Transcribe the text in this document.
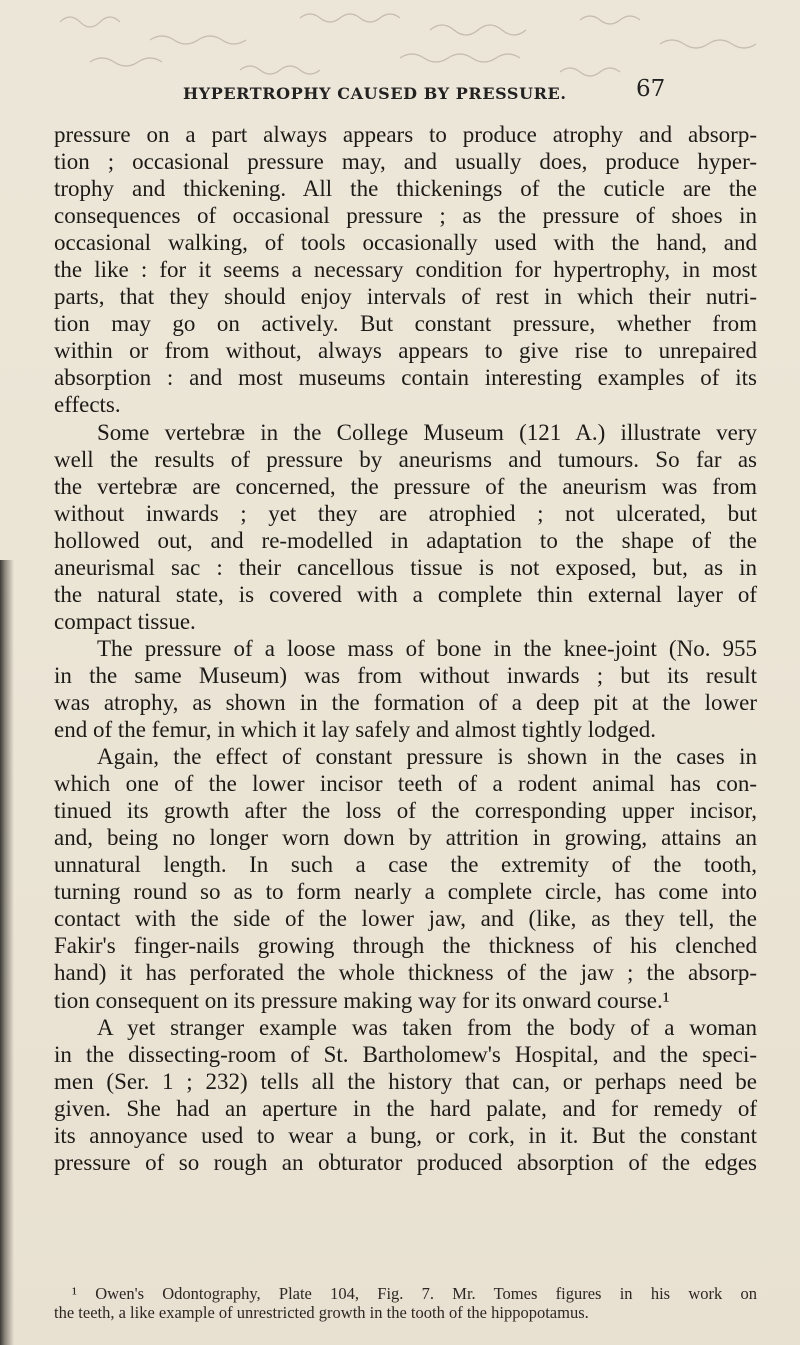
HYPERTROPHY CAUSED BY PRESSURE.	67
pressure on a part always appears to produce atrophy and absorp-
tion ; occasional pressure may, and usually does, produce hyper-
trophy and thickening. All the thickenings of the cuticle are the
consequences of occasional pressure ; as the pressure of shoes in
occasional walking, of tools occasionally used with the hand, and
the like : for it seems a necessary condition for hypertrophy, in most
parts, that they should enjoy intervals of rest in which their nutri-
tion may go on actively. But constant pressure, whether from
within or from without, always appears to give rise to unrepaired
absorption : and most museums contain interesting examples of its
effects.
Some vertebræ in the College Museum (121 A.) illustrate very
well the results of pressure by aneurisms and tumours. So far as
the vertebræ are concerned, the pressure of the aneurism was from
without inwards ; yet they are atrophied ; not ulcerated, but
hollowed out, and re-modelled in adaptation to the shape of the
aneurismal sac : their cancellous tissue is not exposed, but, as in
the natural state, is covered with a complete thin external layer of
compact tissue.
The pressure of a loose mass of bone in the knee-joint (No. 955
in the same Museum) was from without inwards ; but its result
was atrophy, as shown in the formation of a deep pit at the lower
end of the femur, in which it lay safely and almost tightly lodged.
Again, the effect of constant pressure is shown in the cases in
which one of the lower incisor teeth of a rodent animal has con-
tinued its growth after the loss of the corresponding upper incisor,
and, being no longer worn down by attrition in growing, attains an
unnatural length. In such a case the extremity of the tooth,
turning round so as to form nearly a complete circle, has come into
contact with the side of the lower jaw, and (like, as they tell, the
Fakir's finger-nails growing through the thickness of his clenched
hand) it has perforated the whole thickness of the jaw ; the absorp-
tion consequent on its pressure making way for its onward course.¹
A yet stranger example was taken from the body of a woman
in the dissecting-room of St. Bartholomew's Hospital, and the speci-
men (Ser. 1 ; 232) tells all the history that can, or perhaps need be
given. She had an aperture in the hard palate, and for remedy of
its annoyance used to wear a bung, or cork, in it. But the constant
pressure of so rough an obturator produced absorption of the edges
¹ Owen's Odontography, Plate 104, Fig. 7. Mr. Tomes figures in his work on
the teeth, a like example of unrestricted growth in the tooth of the hippopotamus.
